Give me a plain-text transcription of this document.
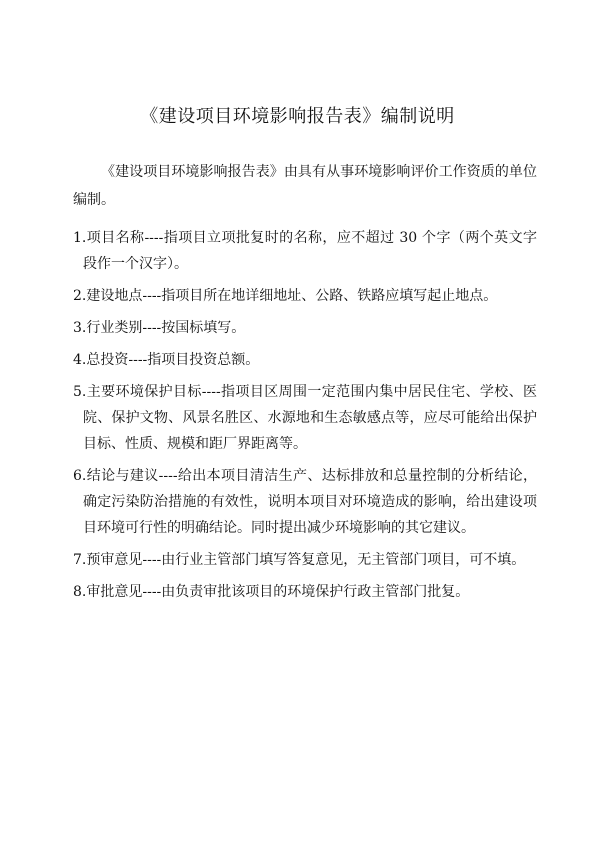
《建设项目环境影响报告表》编制说明

《建设项目环境影响报告表》由具有从事环境影响评价工作资质的单位编制。

1.项目名称----指项目立项批复时的名称，应不超过 30 个字（两个英文字段作一个汉字）。
2.建设地点----指项目所在地详细地址、公路、铁路应填写起止地点。
3.行业类别----按国标填写。
4.总投资----指项目投资总额。
5.主要环境保护目标----指项目区周围一定范围内集中居民住宅、学校、医院、保护文物、风景名胜区、水源地和生态敏感点等，应尽可能给出保护目标、性质、规模和距厂界距离等。
6.结论与建议----给出本项目清洁生产、达标排放和总量控制的分析结论，确定污染防治措施的有效性，说明本项目对环境造成的影响，给出建设项目环境可行性的明确结论。同时提出减少环境影响的其它建议。
7.预审意见----由行业主管部门填写答复意见，无主管部门项目，可不填。
8.审批意见----由负责审批该项目的环境保护行政主管部门批复。
